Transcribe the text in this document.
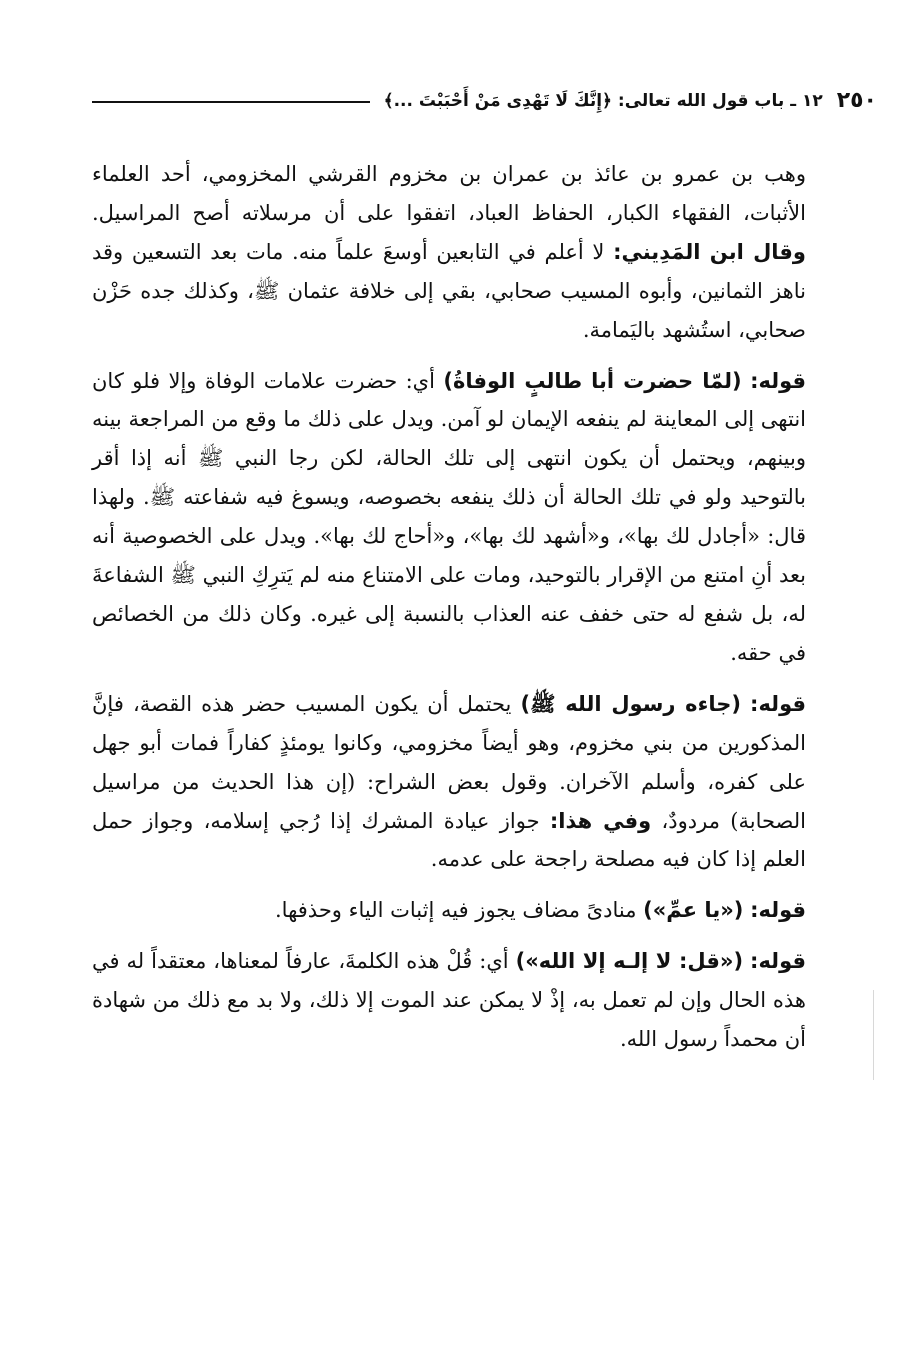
٢٥٠
١٢ ـ باب قول الله تعالى: ﴿إِنَّكَ لَا تَهْدِى مَنْ أَحْبَبْتَ ...﴾

وهب بن عمرو بن عائذ بن عمران بن مخزوم القرشي المخزومي، أحد العلماء الأثبات، الفقهاء الكبار، الحفاظ العباد، اتفقوا على أن مرسلاته أصح المراسيل. وقال ابن المَدِيني: لا أعلم في التابعين أوسعَ علماً منه. مات بعد التسعين وقد ناهز الثمانين، وأبوه المسيب صحابي، بقي إلى خلافة عثمان ﷺ، وكذلك جده حَزْن صحابي، استُشهد باليَمامة.

قوله: (لمّا حضرت أبا طالبٍ الوفاةُ) أي: حضرت علامات الوفاة وإلا فلو كان انتهى إلى المعاينة لم ينفعه الإيمان لو آمن. ويدل على ذلك ما وقع من المراجعة بينه وبينهم، ويحتمل أن يكون انتهى إلى تلك الحالة، لكن رجا النبي ﷺ أنه إذا أقر بالتوحيد ولو في تلك الحالة أن ذلك ينفعه بخصوصه، ويسوغ فيه شفاعته ﷺ. ولهذا قال: «أجادل لك بها»، و«أشهد لك بها»، و«أحاج لك بها». ويدل على الخصوصية أنه بعد أنِ امتنع من الإقرار بالتوحيد، ومات على الامتناع منه لم يَترِكِ النبي ﷺ الشفاعةَ له، بل شفع له حتى خفف عنه العذاب بالنسبة إلى غيره. وكان ذلك من الخصائص في حقه.

قوله: (جاءه رسول الله ﷺ) يحتمل أن يكون المسيب حضر هذه القصة، فإنَّ المذكورين من بني مخزوم، وهو أيضاً مخزومي، وكانوا يومئذٍ كفاراً فمات أبو جهل على كفره، وأسلم الآخران. وقول بعض الشراح: (إن هذا الحديث من مراسيل الصحابة) مردودٌ، وفي هذا: جواز عيادة المشرك إذا رُجي إسلامه، وجواز حمل العلم إذا كان فيه مصلحة راجحة على عدمه.

قوله: («يا عمِّ») منادىً مضاف يجوز فيه إثبات الياء وحذفها.

قوله: («قل: لا إلـه إلا الله») أي: قُلْ هذه الكلمةَ، عارفاً لمعناها، معتقداً له في هذه الحال وإن لم تعمل به، إذْ لا يمكن عند الموت إلا ذلك، ولا بد مع ذلك من شهادة أن محمداً رسول الله.
